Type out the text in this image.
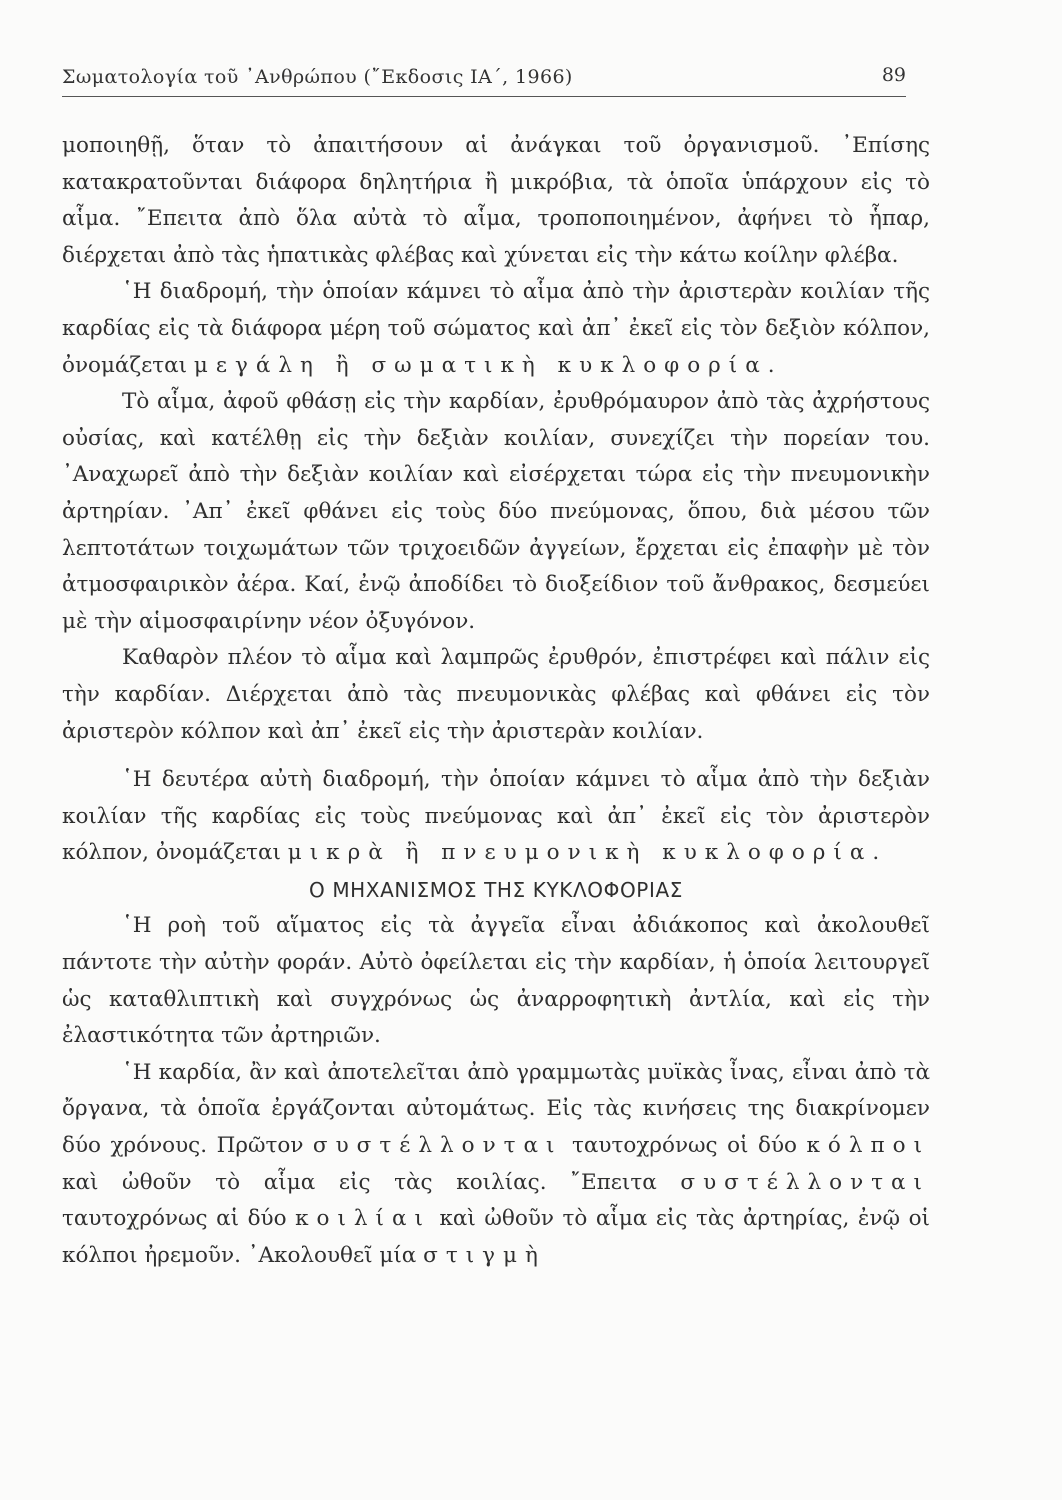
Σωματολογία τοῦ ᾿Ανθρώπου (῎Εκδοσις ΙΑ΄, 1966)	89

μοποιηθῇ, ὅταν τὸ ἀπαιτήσουν αἱ ἀνάγκαι τοῦ ὀργανισμοῦ. ᾿Επίσης κατακρατοῦνται διάφορα δηλητήρια ἢ μικρόβια, τὰ ὁποῖα ὑπάρχουν εἰς τὸ αἷμα. ῎Επειτα ἀπὸ ὅλα αὐτὰ τὸ αἷμα, τροποποιημένον, ἀφήνει τὸ ἧπαρ, διέρχεται ἀπὸ τὰς ἡπατικὰς φλέβας καὶ χύνεται εἰς τὴν κάτω κοίλην φλέβα.

῾Η διαδρομή, τὴν ὁποίαν κάμνει τὸ αἷμα ἀπὸ τὴν ἀριστερὰν κοιλίαν τῆς καρδίας εἰς τὰ διάφορα μέρη τοῦ σώματος καὶ ἀπ᾿ ἐκεῖ εἰς τὸν δεξιὸν κόλπον, ὀνομάζεται μεγάλη ἢ σωματικὴ κυκλοφορία.

Τὸ αἷμα, ἀφοῦ φθάσῃ εἰς τὴν καρδίαν, ἐρυθρόμαυρον ἀπὸ τὰς ἀχρήστους οὐσίας, καὶ κατέλθῃ εἰς τὴν δεξιὰν κοιλίαν, συνεχίζει τὴν πορείαν του. ᾿Αναχωρεῖ ἀπὸ τὴν δεξιὰν κοιλίαν καὶ εἰσέρχεται τώρα εἰς τὴν πνευμονικὴν ἀρτηρίαν. ᾿Απ᾿ ἐκεῖ φθάνει εἰς τοὺς δύο πνεύμονας, ὅπου, διὰ μέσου τῶν λεπτοτάτων τοιχωμάτων τῶν τριχοειδῶν ἀγγείων, ἔρχεται εἰς ἐπαφὴν μὲ τὸν ἀτμοσφαιρικὸν ἀέρα. Καί, ἐνῷ ἀποδίδει τὸ διοξείδιον τοῦ ἄνθρακος, δεσμεύει μὲ τὴν αἱμοσφαιρίνην νέον ὀξυγόνον.

Καθαρὸν πλέον τὸ αἷμα καὶ λαμπρῶς ἐρυθρόν, ἐπιστρέφει καὶ πάλιν εἰς τὴν καρδίαν. Διέρχεται ἀπὸ τὰς πνευμονικὰς φλέβας καὶ φθάνει εἰς τὸν ἀριστερὸν κόλπον καὶ ἀπ᾿ ἐκεῖ εἰς τὴν ἀριστερὰν κοιλίαν.

῾Η δευτέρα αὐτὴ διαδρομή, τὴν ὁποίαν κάμνει τὸ αἷμα ἀπὸ τὴν δεξιὰν κοιλίαν τῆς καρδίας εἰς τοὺς πνεύμονας καὶ ἀπ᾿ ἐκεῖ εἰς τὸν ἀριστερὸν κόλπον, ὀνομάζεται μικρὰ ἢ πνευμονικὴ κυκλοφορία.

Ο ΜΗΧΑΝΙΣΜΟΣ ΤΗΣ ΚΥΚΛΟΦΟΡΙΑΣ

῾Η ροὴ τοῦ αἵματος εἰς τὰ ἀγγεῖα εἶναι ἀδιάκοπος καὶ ἀκολουθεῖ πάντοτε τὴν αὐτὴν φοράν. Αὐτὸ ὀφείλεται εἰς τὴν καρδίαν, ἡ ὁποία λειτουργεῖ ὡς καταθλιπτικὴ καὶ συγχρόνως ὡς ἀναρροφητικὴ ἀντλία, καὶ εἰς τὴν ἐλαστικότητα τῶν ἀρτηριῶν.

῾Η καρδία, ἂν καὶ ἀποτελεῖται ἀπὸ γραμμωτὰς μυϊκὰς ἶνας, εἶναι ἀπὸ τὰ ὄργανα, τὰ ὁποῖα ἐργάζονται αὐτομάτως. Εἰς τὰς κινήσεις της διακρίνομεν δύο χρόνους. Πρῶτον συστέλλονται ταυτοχρόνως οἱ δύο κόλποι καὶ ὠθοῦν τὸ αἷμα εἰς τὰς κοιλίας. ῎Επειτα συστέλλονται ταυτοχρόνως αἱ δύο κοιλίαι καὶ ὠθοῦν τὸ αἷμα εἰς τὰς ἀρτηρίας, ἐνῷ οἱ κόλποι ἠρεμοῦν. ᾿Ακολουθεῖ μία στιγμὴ
